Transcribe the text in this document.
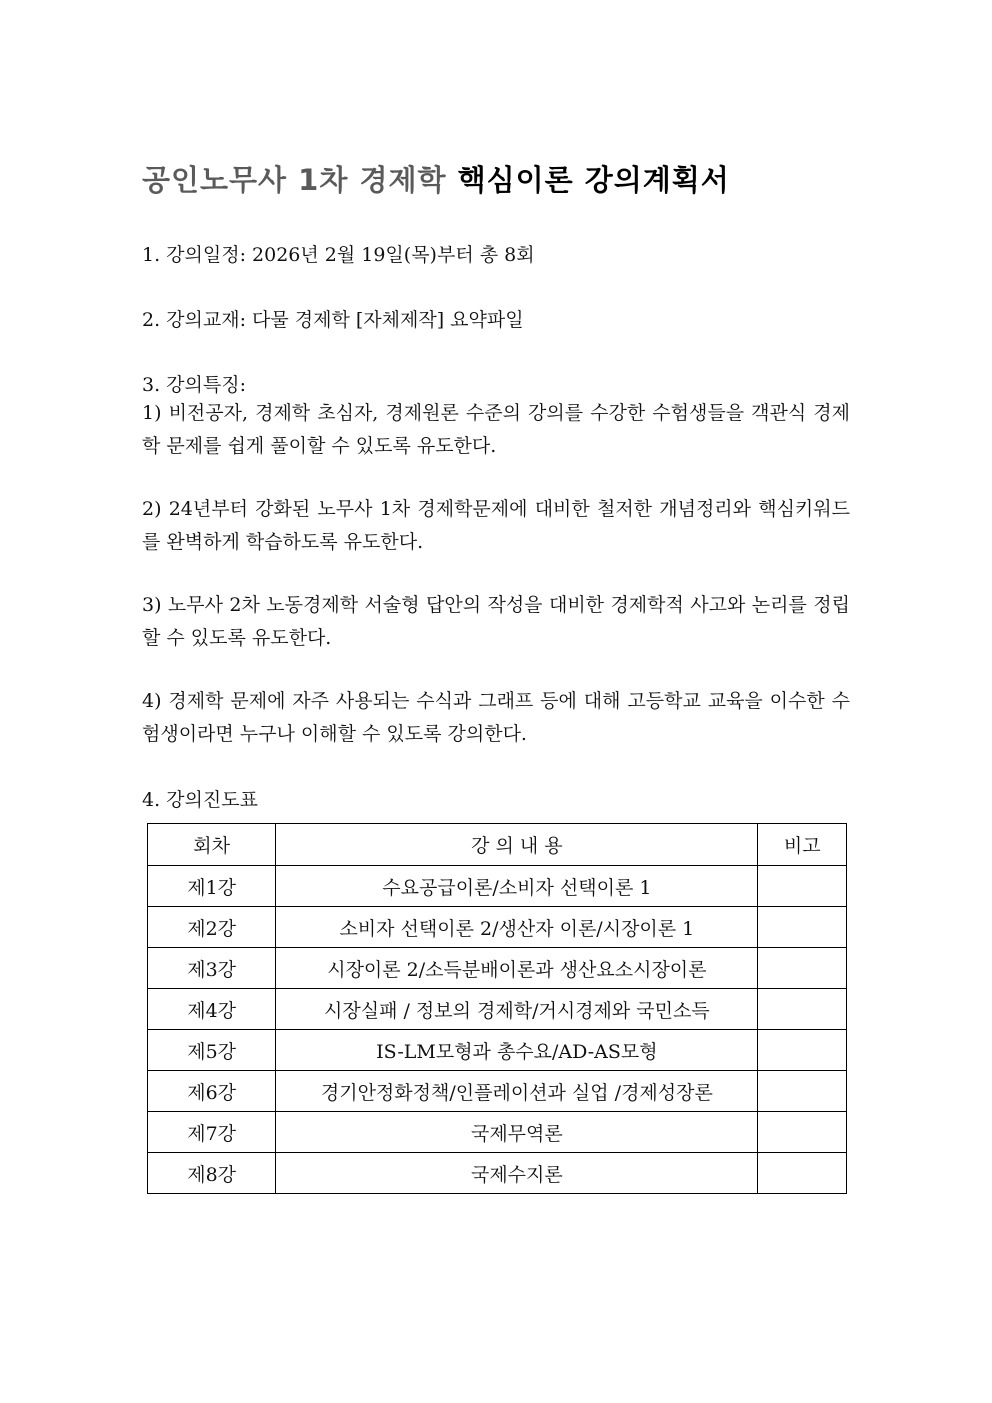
공인노무사 1차 경제학 핵심이론 강의계획서
1. 강의일정: 2026년 2월 19일(목)부터 총 8회
2. 강의교재: 다물 경제학 [자체제작] 요약파일
3. 강의특징:
1) 비전공자, 경제학 초심자, 경제원론 수준의 강의를 수강한 수험생들을 객관식 경제학 문제를 쉽게 풀이할 수 있도록 유도한다.
2) 24년부터 강화된 노무사 1차 경제학문제에 대비한 철저한 개념정리와 핵심키워드를 완벽하게 학습하도록 유도한다.
3) 노무사 2차 노동경제학 서술형 답안의 작성을 대비한 경제학적 사고와 논리를 정립할 수 있도록 유도한다.
4) 경제학 문제에 자주 사용되는 수식과 그래프 등에 대해 고등학교 교육을 이수한 수험생이라면 누구나 이해할 수 있도록 강의한다.
4. 강의진도표
회차	강 의 내 용	비고
제1강	수요공급이론/소비자 선택이론 1	
제2강	소비자 선택이론 2/생산자 이론/시장이론 1	
제3강	시장이론 2/소득분배이론과 생산요소시장이론	
제4강	시장실패 / 정보의 경제학/거시경제와 국민소득	
제5강	IS-LM모형과 총수요/AD-AS모형	
제6강	경기안정화정책/인플레이션과 실업 /경제성장론	
제7강	국제무역론	
제8강	국제수지론	
